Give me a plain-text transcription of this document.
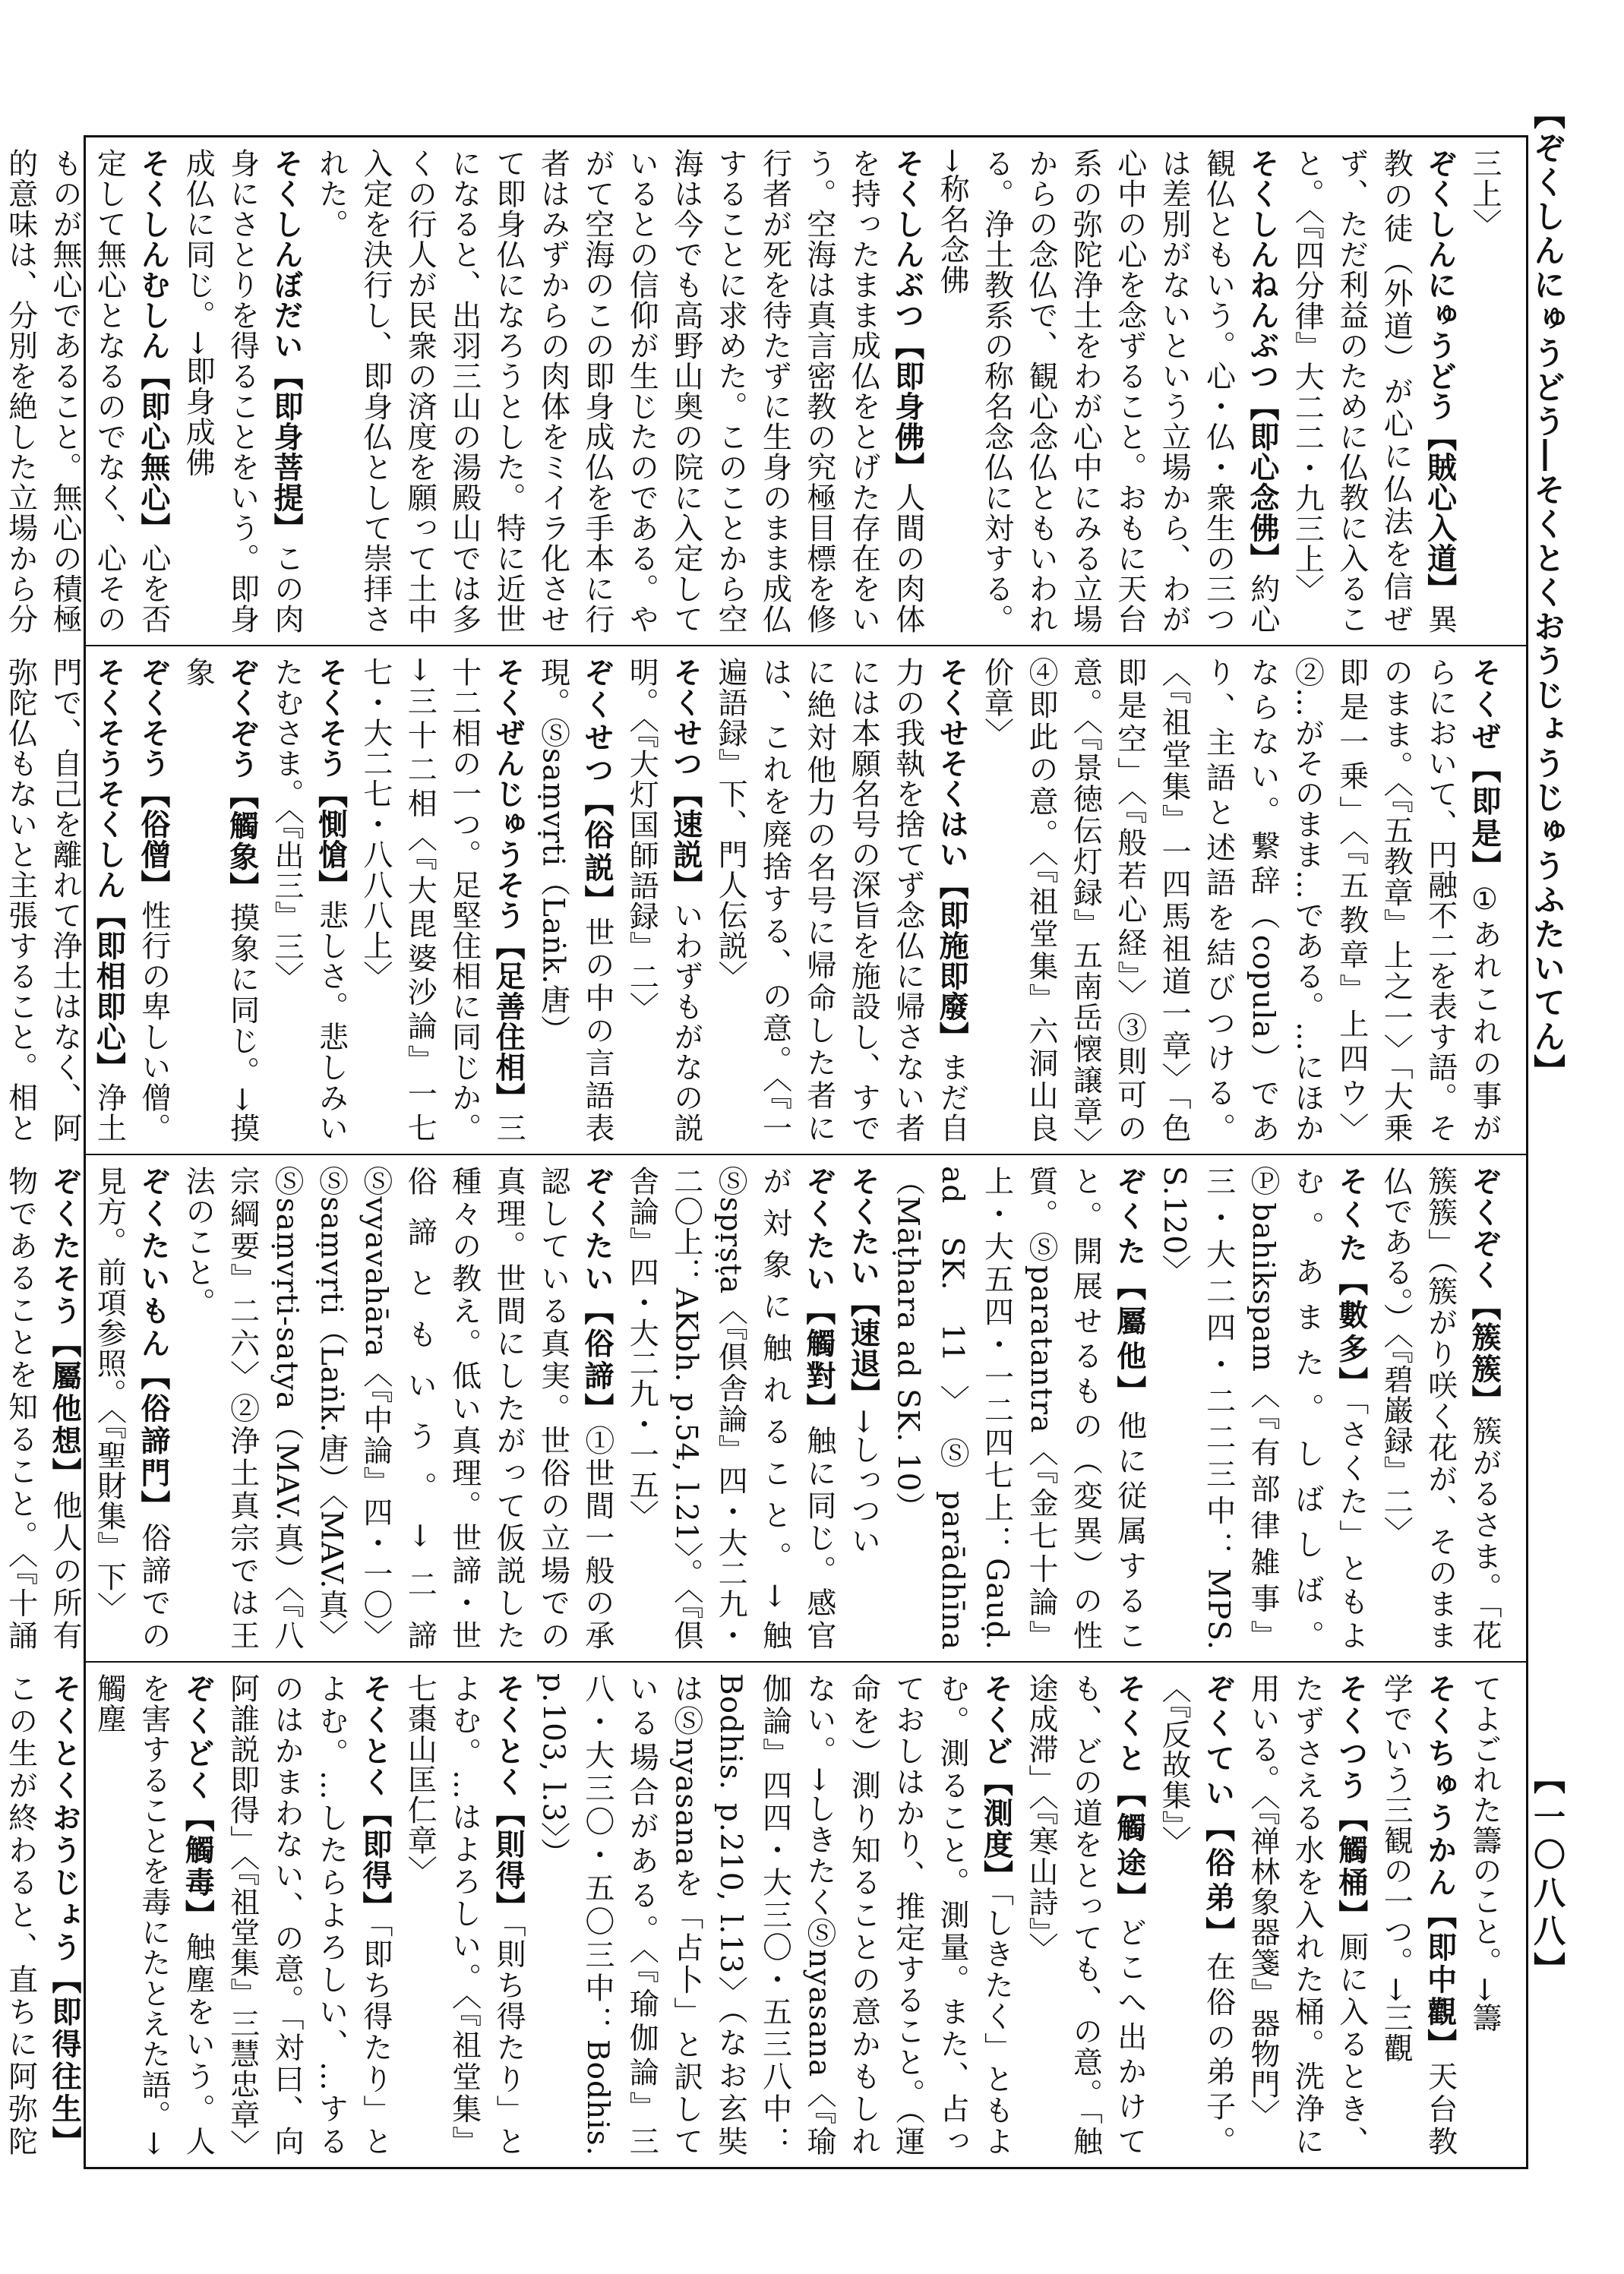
【ぞくしんにゅうどう―そくとくおうじょうじゅうふたいてん】
【一〇八八】

三上〉

ぞくしんにゅうどう【賊心入道】異教の徒（外道）が心に仏法を信ぜず、ただ利益のために仏教に入ること。〈『四分律』大二二・九三上〉

そくしんねんぶつ【即心念佛】約心観仏ともいう。心・仏・衆生の三つは差別がないという立場から、わが心中の心を念ずること。おもに天台系の弥陀浄土をわが心中にみる立場からの念仏で、観心念仏ともいわれる。浄土教系の称名念仏に対する。→称名念佛

そくしんぶつ【即身佛】人間の肉体を持ったまま成仏をとげた存在をいう。空海は真言密教の究極目標を修行者が死を待たずに生身のまま成仏することに求めた。このことから空海は今でも高野山奥の院に入定しているとの信仰が生じたのである。やがて空海のこの即身成仏を手本に行者はみずからの肉体をミイラ化させて即身仏になろうとした。特に近世になると、出羽三山の湯殿山では多くの行人が民衆の済度を願って土中入定を決行し、即身仏として崇拝された。

そくしんぼだい【即身菩提】この肉身にさとりを得ることをいう。即身成仏に同じ。→即身成佛

そくしんむしん【即心無心】心を否定して無心となるのでなく、心そのものが無心であること。無心の積極的意味は、分別を絶した立場から分

そくぜ【即是】①あれこれの事がらにおいて、円融不二を表す語。そのまま。〈『五教章』上之一〉「大乗即是一乗」〈『五教章』上四ウ〉②…がそのまま…である。…にほかならない。繋辞（copula）であり、主語と述語を結びつける。〈『祖堂集』一四馬祖道一章〉「色即是空」〈『般若心経』〉③則可の意。〈『景徳伝灯録』五南岳懐譲章〉④即此の意。〈『祖堂集』六洞山良价章〉

そくせそくはい【即施即廢】まだ自力の我執を捨てず念仏に帰さない者には本願名号の深旨を施設し、すでに絶対他力の名号に帰命した者には、これを廃捨する、の意。〈『一遍語録』下、門人伝説〉

そくせつ【速説】いわずもがなの説明。〈『大灯国師語録』二〉

ぞくせつ【俗説】世の中の言語表現。Ⓢsaṃvṛti（Laṅk.唐）

そくぜんじゅうそう【足善住相】三十二相の一つ。足堅住相に同じか。→三十二相〈『大毘婆沙論』一七七・大二七・八八八上〉

そくそう【惻愴】悲しさ。悲しみいたむさま。〈『出三』三〉

ぞくぞう【觸象】摸象に同じ。→摸象

ぞくそう【俗僧】性行の卑しい僧。

そくそうそくしん【即相即心】浄土門で、自己を離れて浄土はなく、阿弥陀仏もないと主張すること。相と

ぞくぞく【簇簇】簇がるさま。「花簇簇」（簇がり咲く花が、そのまま仏である。）〈『碧巌録』二〉

そくた【數多】「さくた」ともよむ。あまた。しばしば。Ⓟbahikspam〈『有部律雑事』三・大二四・二二三中：MPS. S.120〉

ぞくた【屬他】他に従属すること。開展せるもの（変異）の性質。Ⓢparatantra〈『金七十論』上・大五四・一二四七上：Gauḍ. ad SK. 11〉Ⓢparādhīna（Māṭhara ad SK. 10）

そくたい【速退】→しっつい

ぞくたい【觸對】触に同じ。感官が対象に触れること。→触Ⓢspṛṣṭa〈『倶舎論』四・大二九・二〇上：AKbh. p.54, l.21〉。〈『倶舎論』四・大二九・一五〉

ぞくたい【俗諦】①世間一般の承認している真実。世俗の立場での真理。世間にしたがって仮説した種々の教え。低い真理。世諦・世俗諦ともいう。→二諦Ⓢvyavahāra〈『中論』四・一〇〉Ⓢsaṃvṛti（Laṅk.唐）〈MAV.真〉Ⓢsaṃvṛti-satya（MAV.真）〈『八宗綱要』二六〉②浄土真宗では王法のこと。

ぞくたいもん【俗諦門】俗諦での見方。前項参照。〈『聖財集』下〉

ぞくたそう【屬他想】他人の所有物であることを知ること。〈『十誦

てよごれた籌のこと。→籌

そくちゅうかん【即中觀】天台教学でいう三観の一つ。→三觀

そくつう【觸桶】厠に入るとき、たずさえる水を入れた桶。洗浄に用いる。〈『禅林象器箋』器物門〉

ぞくてい【俗弟】在俗の弟子。〈『反故集』〉

そくと【觸途】どこへ出かけても、どの道をとっても、の意。「触途成滞」〈『寒山詩』〉

そくど【測度】「しきたく」ともよむ。測ること。測量。また、占っておしはかり、推定すること。（運命を）測り知ることの意かもしれない。→しきたくⓈnyasana〈『瑜伽論』四四・大三〇・五三八中：Bodhis. p.210, l.13〉（なお玄奘はⓈnyasanaを「占卜」と訳している場合がある。〈『瑜伽論』三八・大三〇・五〇三中：Bodhis. p.103, l.3〉）

そくとく【則得】「則ち得たり」とよむ。…はよろしい。〈『祖堂集』七棗山匡仁章〉

そくとく【即得】「即ち得たり」とよむ。…したらよろしい、…するのはかまわない、の意。「対曰、向阿誰説即得」〈『祖堂集』三慧忠章〉

ぞくどく【觸毒】触塵をいう。人を害することを毒にたとえた語。→觸塵

そくとくおうじょう【即得往生】この生が終わると、直ちに阿弥陀
